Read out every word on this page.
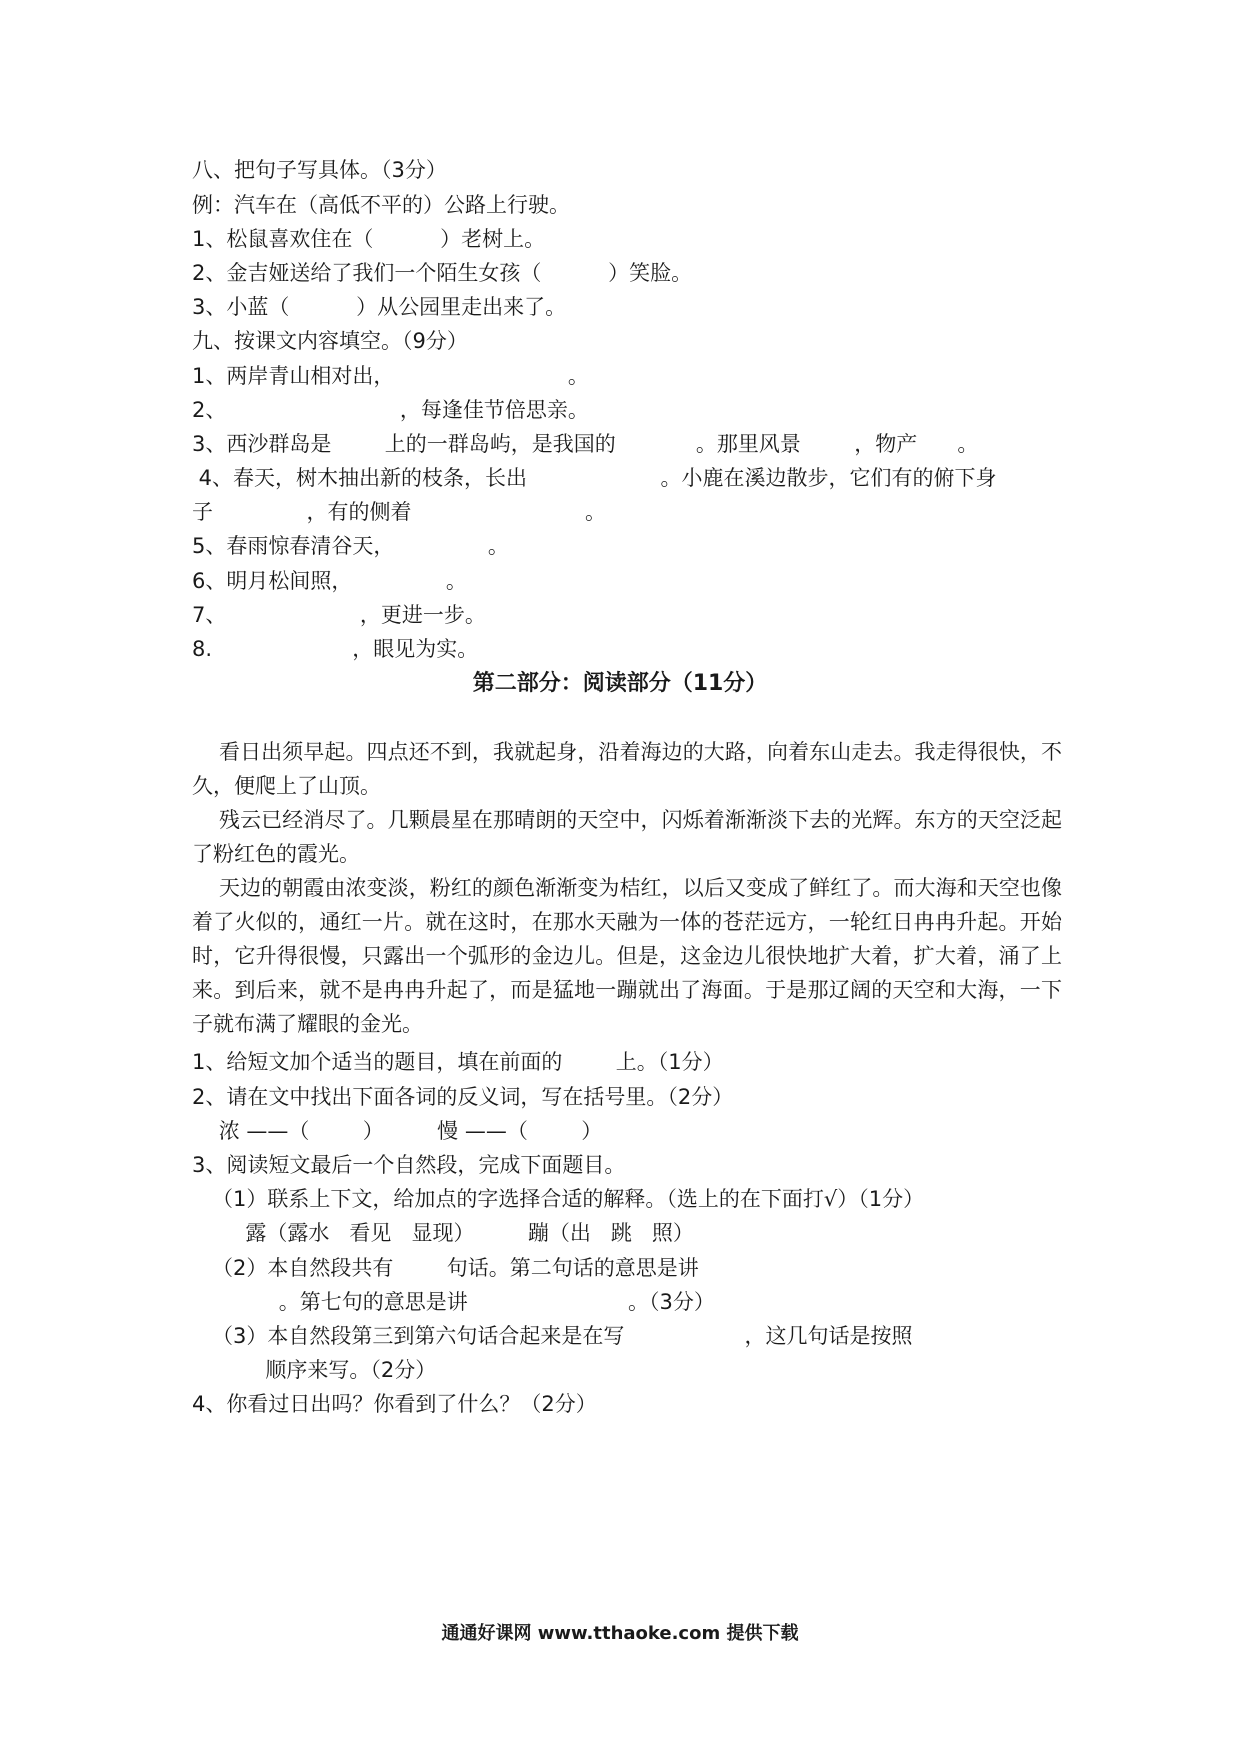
八、把句子写具体。（3分）
例：汽车在（高低不平的）公路上行驶。
1、松鼠喜欢住在（          ）老树上。
2、金吉娅送给了我们一个陌生女孩（          ）笑脸。
3、小蓝（          ）从公园里走出来了。
九、按课文内容填空。（9分）
1、两岸青山相对出，                          。
2、                          ，每逢佳节倍思亲。
3、西沙群岛是        上的一群岛屿，是我国的            。那里风景        ，物产      。
4、春天，树木抽出新的枝条，长出                    。小鹿在溪边散步，它们有的俯下身
子              ，有的侧着                          。
5、春雨惊春清谷天，              。
6、明月松间照，              。
7、                    ，更进一步。
8.                     ，眼见为实。
第二部分：阅读部分（11分）
看日出须早起。四点还不到，我就起身，沿着海边的大路，向着东山走去。我走得很快，不久，便爬上了山顶。
残云已经消尽了。几颗晨星在那晴朗的天空中，闪烁着渐渐淡下去的光辉。东方的天空泛起了粉红色的霞光。
天边的朝霞由浓变淡，粉红的颜色渐渐变为桔红，以后又变成了鲜红了。而大海和天空也像着了火似的，通红一片。就在这时，在那水天融为一体的苍茫远方，一轮红日冉冉升起。开始时，它升得很慢，只露出一个弧形的金边儿。但是，这金边儿很快地扩大着，扩大着，涌了上来。到后来，就不是冉冉升起了，而是猛地一蹦就出了海面。于是那辽阔的天空和大海，一下子就布满了耀眼的金光。
1、给短文加个适当的题目，填在前面的        上。（1分）
2、请在文中找出下面各词的反义词，写在括号里。（2分）
浓 ——（        ）        慢 ——（        ）
3、阅读短文最后一个自然段，完成下面题目。
（1）联系上下文，给加点的字选择合适的解释。（选上的在下面打√）（1分）
露（露水   看见   显现）        蹦（出   跳   照）
（2）本自然段共有        句话。第二句话的意思是讲
。第七句的意思是讲                        。（3分）
（3）本自然段第三到第六句话合起来是在写                  ，这几句话是按照
顺序来写。（2分）
4、你看过日出吗？你看到了什么？（2分）
通通好课网 www.tthaoke.com 提供下载
